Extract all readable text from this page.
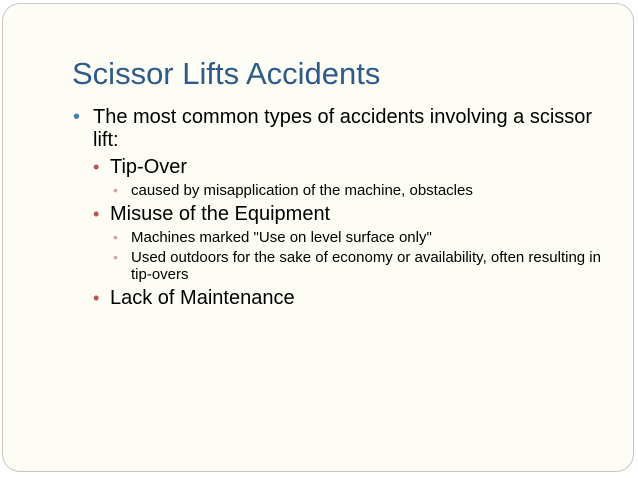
Scissor Lifts Accidents
• The most common types of accidents involving a scissor lift:
• Tip-Over
• caused by misapplication of the machine, obstacles
• Misuse of the Equipment
• Machines marked "Use on level surface only"
• Used outdoors for the sake of economy or availability, often resulting in tip-overs
• Lack of Maintenance
